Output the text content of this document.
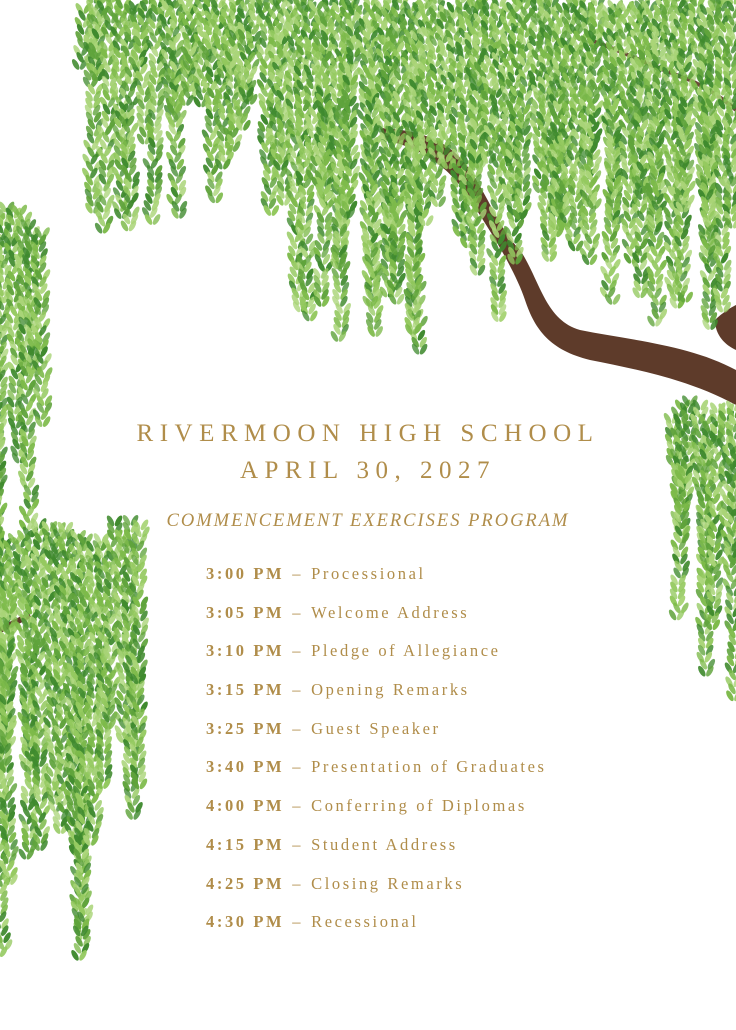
RIVERMOON HIGH SCHOOL
APRIL 30, 2027
COMMENCEMENT EXERCISES PROGRAM
3:00 PM – Processional
3:05 PM – Welcome Address
3:10 PM – Pledge of Allegiance
3:15 PM – Opening Remarks
3:25 PM – Guest Speaker
3:40 PM – Presentation of Graduates
4:00 PM – Conferring of Diplomas
4:15 PM – Student Address
4:25 PM – Closing Remarks
4:30 PM – Recessional
